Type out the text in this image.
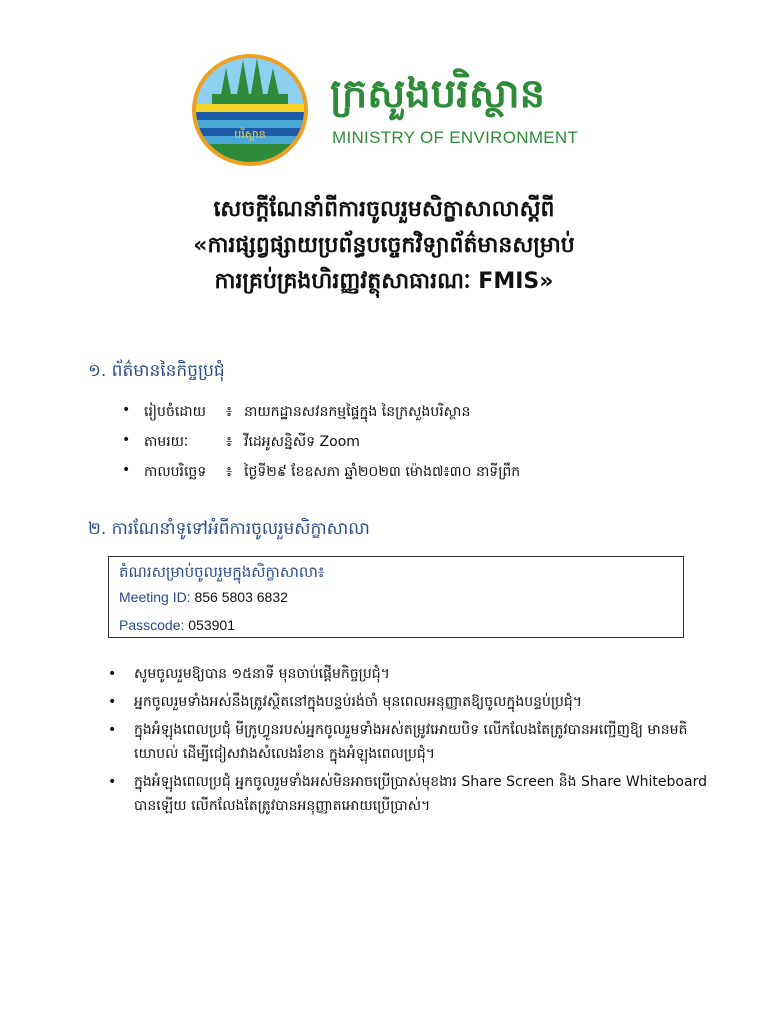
បរិស្ថាន
ក្រសួងបរិស្ថាន
MINISTRY OF ENVIRONMENT
សេចក្តីណែនាំពីការចូលរួមសិក្ខាសាលាស្តីពី
«ការផ្សព្វផ្សាយប្រព័ន្ធបច្ចេកវិទ្យាព័ត៌មានសម្រាប់
ការគ្រប់គ្រងហិរញ្ញវត្ថុសាធារណៈ FMIS»
១. ព័ត៌មាននៃកិច្ចប្រជុំ
• រៀបចំដោយ ៖ នាយកដ្ឋានសវនកម្មផ្ទៃក្នុង នៃក្រសួងបរិស្ថាន
• តាមរយៈ	៖ វីដេអូសន្និសីទ Zoom
• កាលបរិច្ឆេទ ៖ ថ្ងៃទី២៩ ខែឧសភា ឆ្នាំ២០២៣ ម៉ោង៧៖៣០ នាទីព្រឹក
២. ការណែនាំទូទៅអំពីការចូលរួមសិក្ខាសាលា
តំណរសម្រាប់ចូលរួមក្នុងសិក្ខាសាលា៖
Meeting ID: 856 5803 6832
Passcode: 053901
• សូមចូលរួមឱ្យបាន ១៥នាទី មុនចាប់ផ្តើមកិច្ចប្រជុំ។
• អ្នកចូលរួមទាំងអស់នឹងត្រូវស្ថិតនៅក្នុងបន្ទប់រង់ចាំ មុនពេលអនុញ្ញាតឱ្យចូលក្នុងបន្ទប់ប្រជុំ។
• ក្នុងអំឡុងពេលប្រជុំ មីក្រូហ្វូនរបស់អ្នកចូលរួមទាំងអស់តម្រូវអោយបិទ លើកលែងតែត្រូវបានអញ្ជើញឱ្យ មានមតិយោបល់ ដើម្បីជៀសវាងសំលេងរំខាន ក្នុងអំឡុងពេលប្រជុំ។
• ក្នុងអំឡុងពេលប្រជុំ អ្នកចូលរួមទាំងអស់មិនអាចប្រើប្រាស់មុខងារ Share Screen និង Share Whiteboard បានឡើយ លើកលែងតែត្រូវបានអនុញ្ញាតអោយប្រើប្រាស់។
